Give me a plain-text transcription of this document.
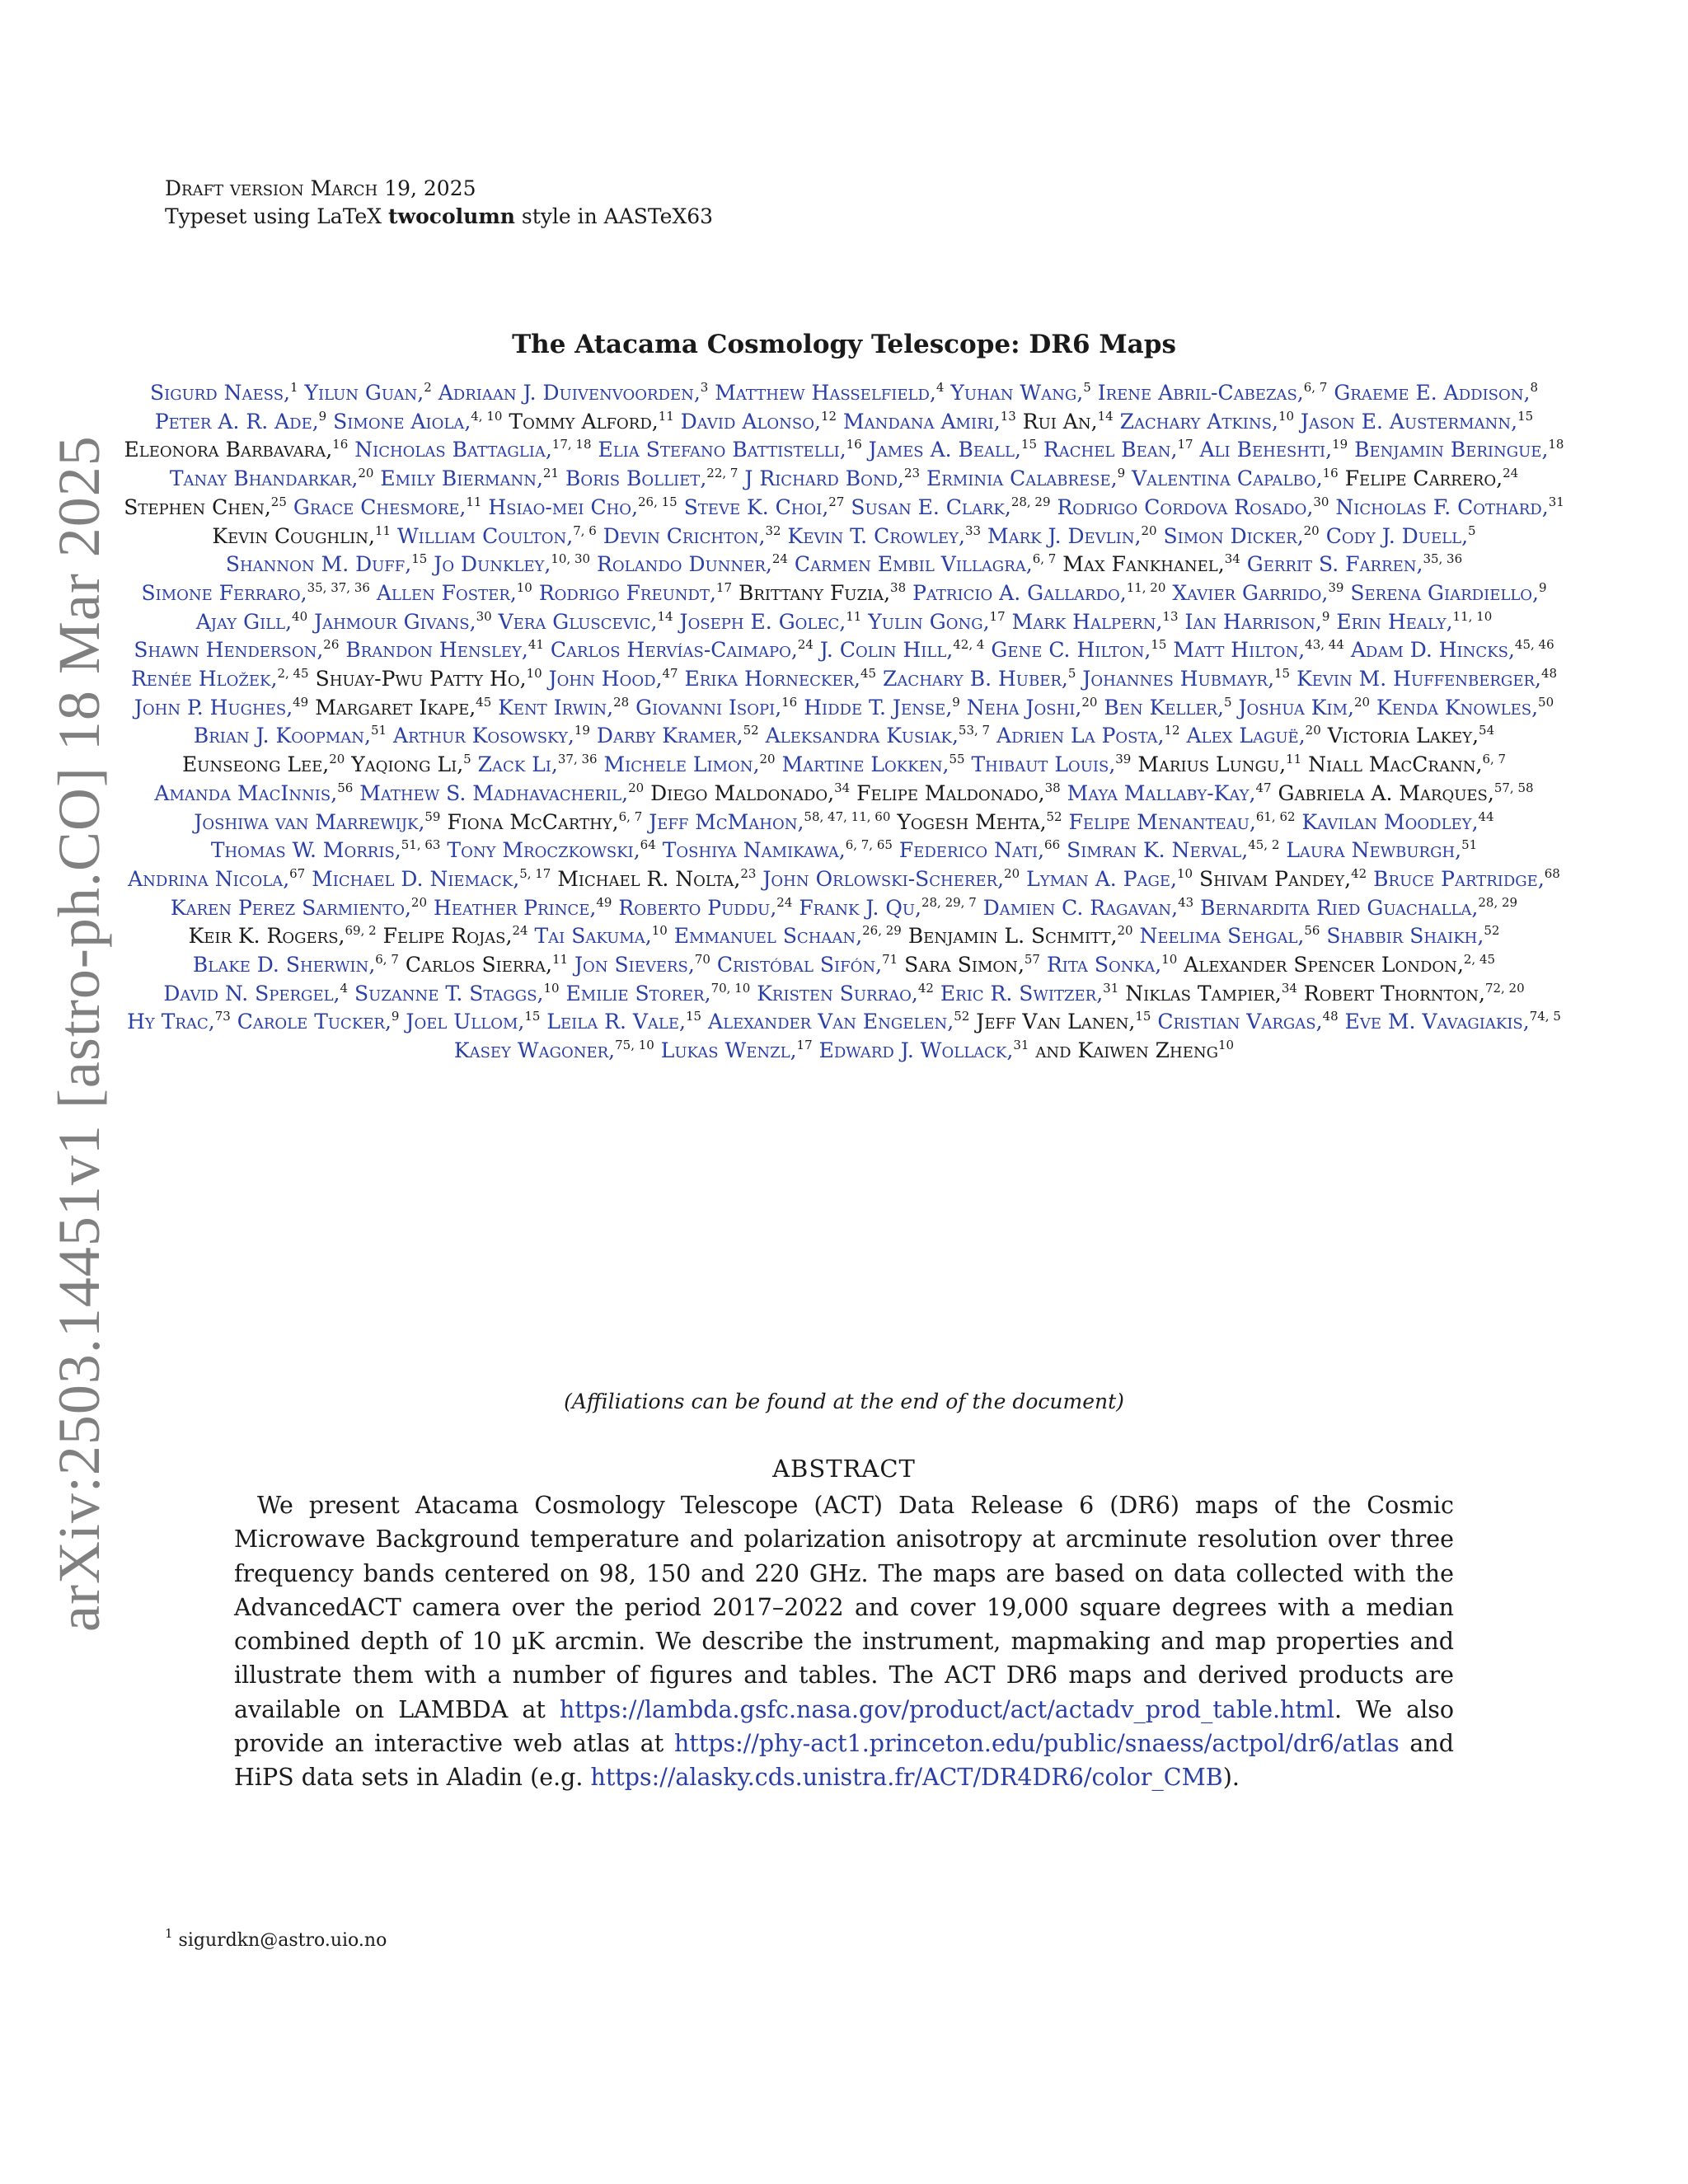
arXiv:2503.14451v1 [astro-ph.CO] 18 Mar 2025
Draft version March 19, 2025
Typeset using LaTeX twocolumn style in AASTeX63
The Atacama Cosmology Telescope: DR6 Maps
Sigurd Naess,$^1$ Yilun Guan,$^2$ Adriaan J. Duivenvoorden,$^3$ Matthew Hasselfield,$^4$ Yuhan Wang,$^5$ Irene Abril-Cabezas,$^{6, 7}$ Graeme E. Addison,$^8$ Peter A. R. Ade,$^9$ Simone Aiola,$^{4, 10}$ Tommy Alford,$^{11}$ David Alonso,$^{12}$ Mandana Amiri,$^{13}$ Rui An,$^{14}$ Zachary Atkins,$^{10}$ Jason E. Austermann,$^{15}$ Eleonora Barbavara,$^{16}$ Nicholas Battaglia,$^{17, 18}$ Elia Stefano Battistelli,$^{16}$ James A. Beall,$^{15}$ Rachel Bean,$^{17}$ Ali Beheshti,$^{19}$ Benjamin Beringue,$^{18}$ Tanay Bhandarkar,$^{20}$ Emily Biermann,$^{21}$ Boris Bolliet,$^{22, 7}$ J Richard Bond,$^{23}$ Erminia Calabrese,$^9$ Valentina Capalbo,$^{16}$ Felipe Carrero,$^{24}$ Stephen Chen,$^{25}$ Grace Chesmore,$^{11}$ Hsiao-mei Cho,$^{26, 15}$ Steve K. Choi,$^{27}$ Susan E. Clark,$^{28, 29}$ Rodrigo Cordova Rosado,$^{30}$ Nicholas F. Cothard,$^{31}$ Kevin Coughlin,$^{11}$ William Coulton,$^{7, 6}$ Devin Crichton,$^{32}$ Kevin T. Crowley,$^{33}$ Mark J. Devlin,$^{20}$ Simon Dicker,$^{20}$ Cody J. Duell,$^5$ Shannon M. Duff,$^{15}$ Jo Dunkley,$^{10, 30}$ Rolando Dunner,$^{24}$ Carmen Embil Villagra,$^{6, 7}$ Max Fankhanel,$^{34}$ Gerrit S. Farren,$^{35, 36}$ Simone Ferraro,$^{35, 37, 36}$ Allen Foster,$^{10}$ Rodrigo Freundt,$^{17}$ Brittany Fuzia,$^{38}$ Patricio A. Gallardo,$^{11, 20}$ Xavier Garrido,$^{39}$ Serena Giardiello,$^9$ Ajay Gill,$^{40}$ Jahmour Givans,$^{30}$ Vera Gluscevic,$^{14}$ Joseph E. Golec,$^{11}$ Yulin Gong,$^{17}$ Mark Halpern,$^{13}$ Ian Harrison,$^9$ Erin Healy,$^{11, 10}$ Shawn Henderson,$^{26}$ Brandon Hensley,$^{41}$ Carlos Hervías-Caimapo,$^{24}$ J. Colin Hill,$^{42, 4}$ Gene C. Hilton,$^{15}$ Matt Hilton,$^{43, 44}$ Adam D. Hincks,$^{45, 46}$ Renée Hložek,$^{2, 45}$ Shuay-Pwu Patty Ho,$^{10}$ John Hood,$^{47}$ Erika Hornecker,$^{45}$ Zachary B. Huber,$^5$ Johannes Hubmayr,$^{15}$ Kevin M. Huffenberger,$^{48}$ John P. Hughes,$^{49}$ Margaret Ikape,$^{45}$ Kent Irwin,$^{28}$ Giovanni Isopi,$^{16}$ Hidde T. Jense,$^9$ Neha Joshi,$^{20}$ Ben Keller,$^5$ Joshua Kim,$^{20}$ Kenda Knowles,$^{50}$ Brian J. Koopman,$^{51}$ Arthur Kosowsky,$^{19}$ Darby Kramer,$^{52}$ Aleksandra Kusiak,$^{53, 7}$ Adrien La Posta,$^{12}$ Alex Laguë,$^{20}$ Victoria Lakey,$^{54}$ Eunseong Lee,$^{20}$ Yaqiong Li,$^5$ Zack Li,$^{37, 36}$ Michele Limon,$^{20}$ Martine Lokken,$^{55}$ Thibaut Louis,$^{39}$ Marius Lungu,$^{11}$ Niall MacCrann,$^{6, 7}$ Amanda MacInnis,$^{56}$ Mathew S. Madhavacheril,$^{20}$ Diego Maldonado,$^{34}$ Felipe Maldonado,$^{38}$ Maya Mallaby-Kay,$^{47}$ Gabriela A. Marques,$^{57, 58}$ Joshiwa van Marrewijk,$^{59}$ Fiona McCarthy,$^{6, 7}$ Jeff McMahon,$^{58, 47, 11, 60}$ Yogesh Mehta,$^{52}$ Felipe Menanteau,$^{61, 62}$ Kavilan Moodley,$^{44}$ Thomas W. Morris,$^{51, 63}$ Tony Mroczkowski,$^{64}$ Toshiya Namikawa,$^{6, 7, 65}$ Federico Nati,$^{66}$ Simran K. Nerval,$^{45, 2}$ Laura Newburgh,$^{51}$ Andrina Nicola,$^{67}$ Michael D. Niemack,$^{5, 17}$ Michael R. Nolta,$^{23}$ John Orlowski-Scherer,$^{20}$ Lyman A. Page,$^{10}$ Shivam Pandey,$^{42}$ Bruce Partridge,$^{68}$ Karen Perez Sarmiento,$^{20}$ Heather Prince,$^{49}$ Roberto Puddu,$^{24}$ Frank J. Qu,$^{28, 29, 7}$ Damien C. Ragavan,$^{43}$ Bernardita Ried Guachalla,$^{28, 29}$ Keir K. Rogers,$^{69, 2}$ Felipe Rojas,$^{24}$ Tai Sakuma,$^{10}$ Emmanuel Schaan,$^{26, 29}$ Benjamin L. Schmitt,$^{20}$ Neelima Sehgal,$^{56}$ Shabbir Shaikh,$^{52}$ Blake D. Sherwin,$^{6, 7}$ Carlos Sierra,$^{11}$ Jon Sievers,$^{70}$ Cristóbal Sifón,$^{71}$ Sara Simon,$^{57}$ Rita Sonka,$^{10}$ Alexander Spencer London,$^{2, 45}$ David N. Spergel,$^4$ Suzanne T. Staggs,$^{10}$ Emilie Storer,$^{70, 10}$ Kristen Surrao,$^{42}$ Eric R. Switzer,$^{31}$ Niklas Tampier,$^{34}$ Robert Thornton,$^{72, 20}$ Hy Trac,$^{73}$ Carole Tucker,$^9$ Joel Ullom,$^{15}$ Leila R. Vale,$^{15}$ Alexander Van Engelen,$^{52}$ Jeff Van Lanen,$^{15}$ Cristian Vargas,$^{48}$ Eve M. Vavagiakis,$^{74, 5}$ Kasey Wagoner,$^{75, 10}$ Lukas Wenzl,$^{17}$ Edward J. Wollack,$^{31}$ and Kaiwen Zheng$^{10}$
(Affiliations can be found at the end of the document)
ABSTRACT
We present Atacama Cosmology Telescope (ACT) Data Release 6 (DR6) maps of the Cosmic Microwave Background temperature and polarization anisotropy at arcminute resolution over three frequency bands centered on 98, 150 and 220 GHz. The maps are based on data collected with the AdvancedACT camera over the period 2017–2022 and cover 19,000 square degrees with a median combined depth of 10 µK arcmin. We describe the instrument, mapmaking and map properties and illustrate them with a number of figures and tables. The ACT DR6 maps and derived products are available on LAMBDA at https://lambda.gsfc.nasa.gov/product/act/actadv_prod_table.html. We also provide an interactive web atlas at https://phy-act1.princeton.edu/public/snaess/actpol/dr6/atlas and HiPS data sets in Aladin (e.g. https://alasky.cds.unistra.fr/ACT/DR4DR6/color_CMB).
$^1$ sigurdkn@astro.uio.no
